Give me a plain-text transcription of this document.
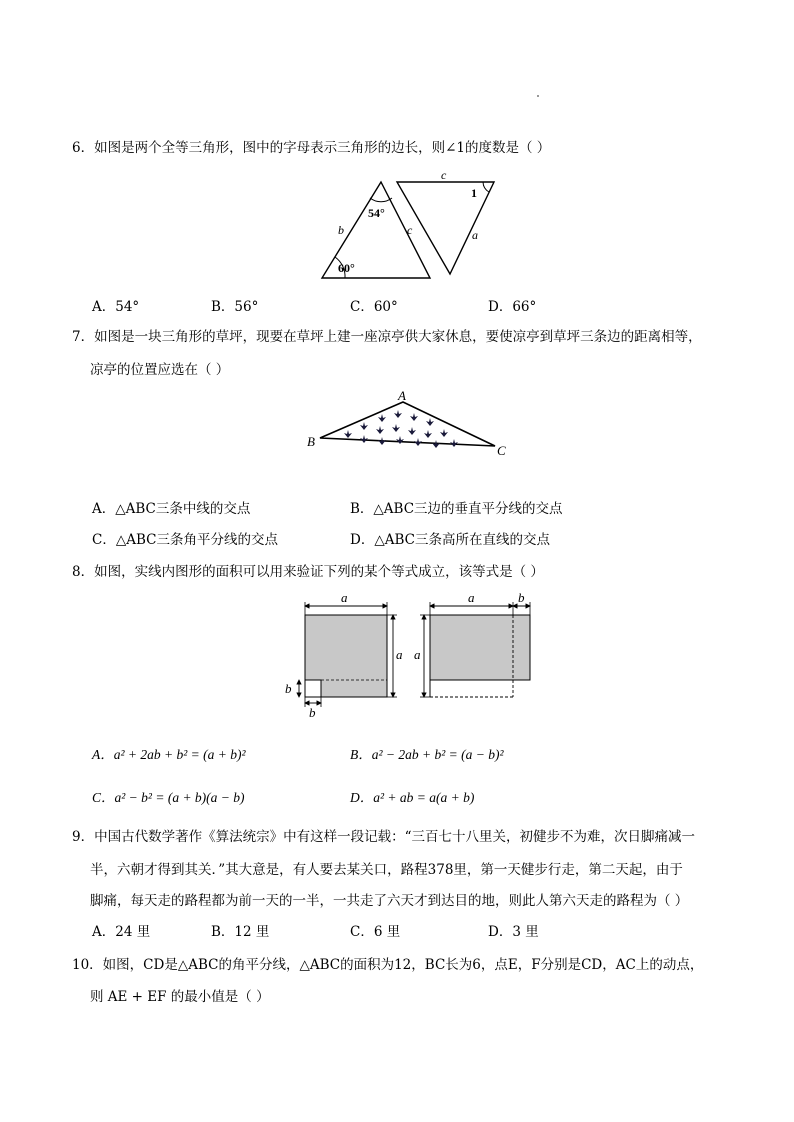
6．如图是两个全等三角形，图中的字母表示三角形的边长，则∠1的度数是（ ）
54°
60°
b	c
c
a
1
A．54°	B．56°	C．60°	D．66°
7．如图是一块三角形的草坪，现要在草坪上建一座凉亭供大家休息，要使凉亭到草坪三条边的距离相等，
凉亭的位置应选在（ ）
A
B
C
A．△ABC三条中线的交点	B．△ABC三边的垂直平分线的交点
C．△ABC三条角平分线的交点	D．△ABC三条高所在直线的交点
8．如图，实线内图形的面积可以用来验证下列的某个等式成立，该等式是（ ）
a
a
b
b
a	b
a
A．a² + 2ab + b² = (a + b)²	B．a² − 2ab + b² = (a − b)²
C．a² − b² = (a + b)(a − b)	D．a² + ab = a(a + b)
9．中国古代数学著作《算法统宗》中有这样一段记载：“三百七十八里关，初健步不为难，次日脚痛减一
半，六朝才得到其关．”其大意是，有人要去某关口，路程378里，第一天健步行走，第二天起，由于
脚痛，每天走的路程都为前一天的一半，一共走了六天才到达目的地，则此人第六天走的路程为（ ）
A．24 里	B．12 里	C．6 里	D．3 里
10．如图，CD是△ABC的角平分线，△ABC的面积为12，BC长为6，点E，F分别是CD，AC上的动点，
则 AE + EF 的最小值是（ ）
